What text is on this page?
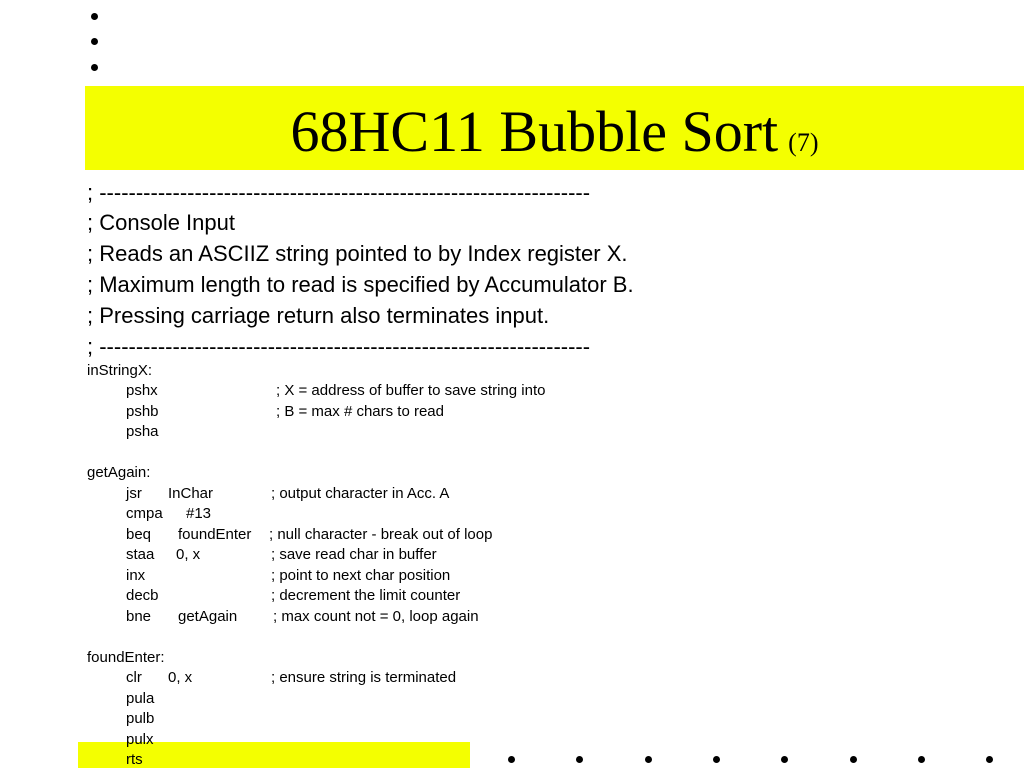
68HC11 Bubble Sort (7)
; -------------------------------------------------------------------
; Console Input
; Reads an ASCIIZ string pointed to by Index register X.
; Maximum length to read is specified by Accumulator B.
; Pressing carriage return also terminates input.
; -------------------------------------------------------------------
inStringX:
pshx	; X = address of buffer to save string into
pshb	; B = max # chars to read
psha
getAgain:
jsr InChar	; output character in Acc. A
cmpa #13
beq foundEnter ; null character - break out of loop
staa 0, x	; save read char in buffer
inx	; point to next char position
decb	; decrement the limit counter
bne getAgain ; max count not = 0, loop again
foundEnter:
clr 0, x	; ensure string is terminated
pula
pulb
pulx
rts
